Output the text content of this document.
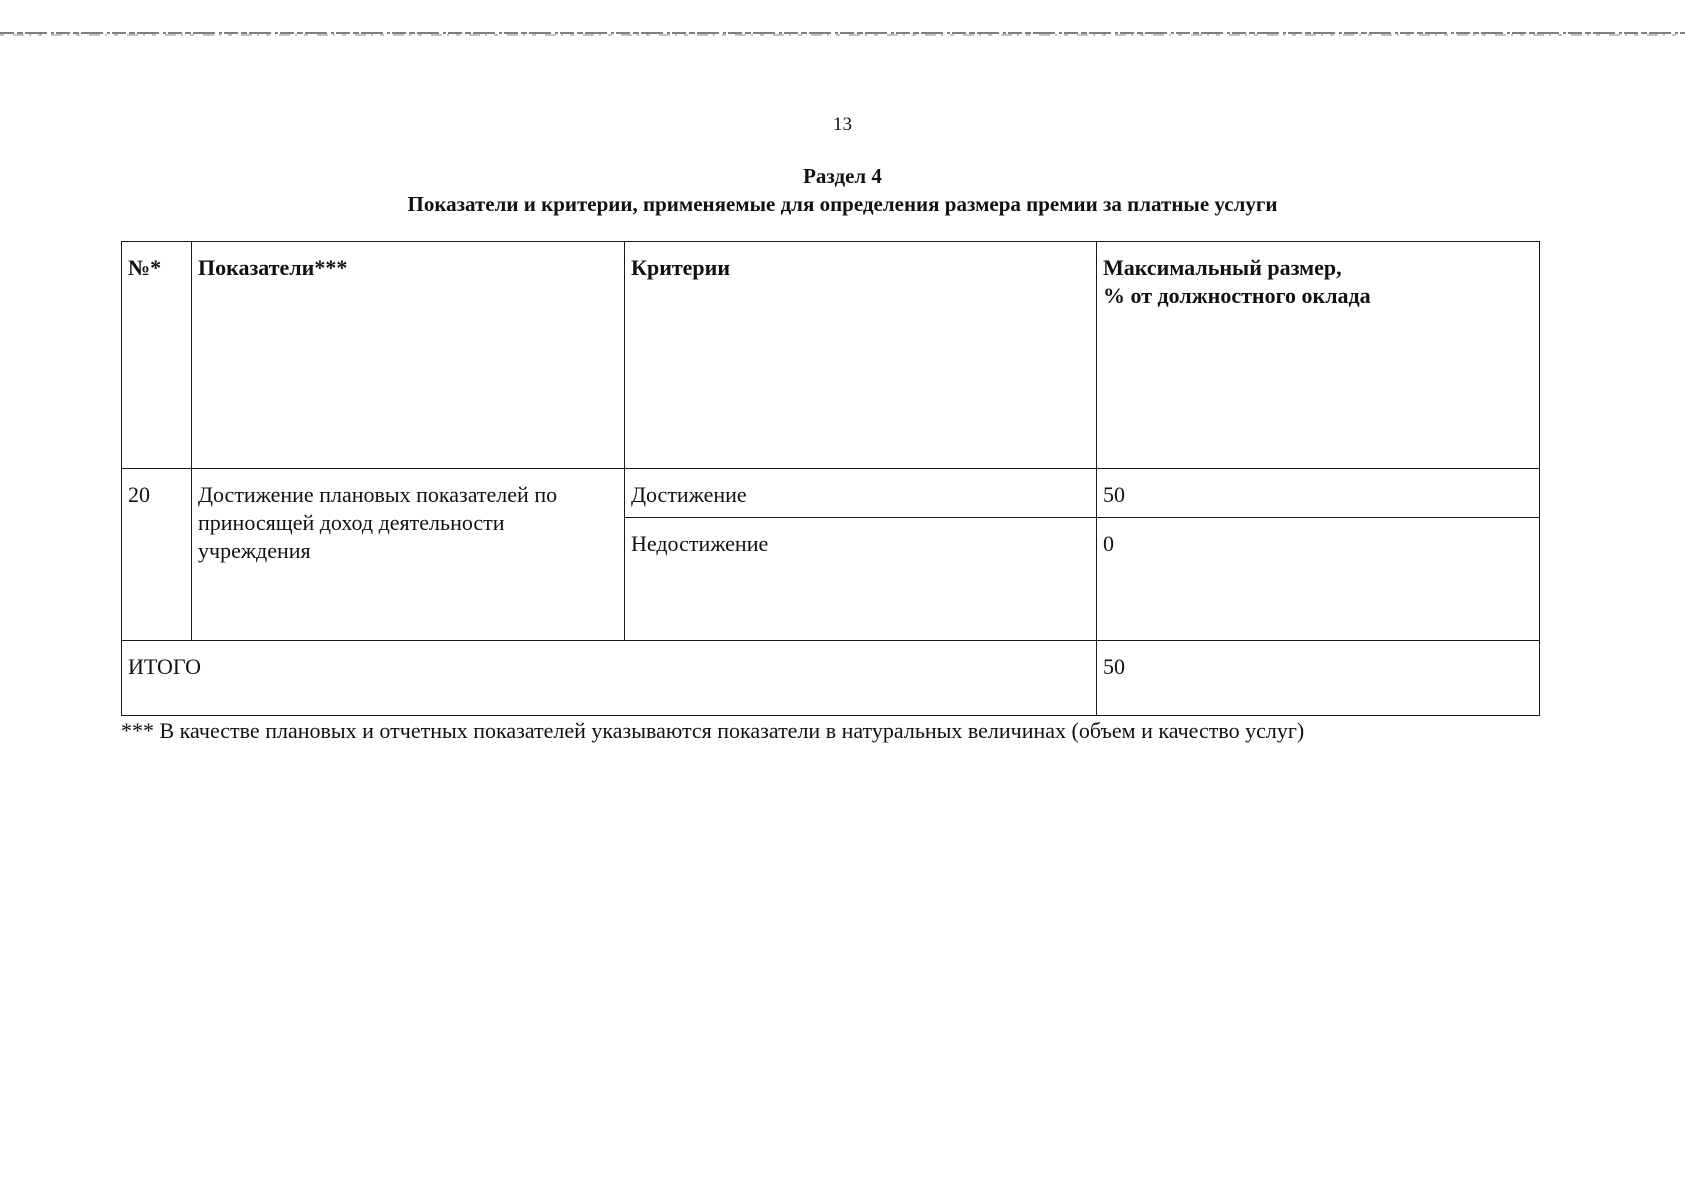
13
Раздел 4
Показатели и критерии, применяемые для определения размера премии за платные услуги
№*	Показатели***	Критерии	Максимальный размер,
% от должностного оклада

20	Достижение плановых показателей по приносящей доход деятельности учреждения	Достижение	50
		Недостижение	0
ИТОГО			50
*** В качестве плановых и отчетных показателей указываются показатели в натуральных величинах (объем и качество услуг)
